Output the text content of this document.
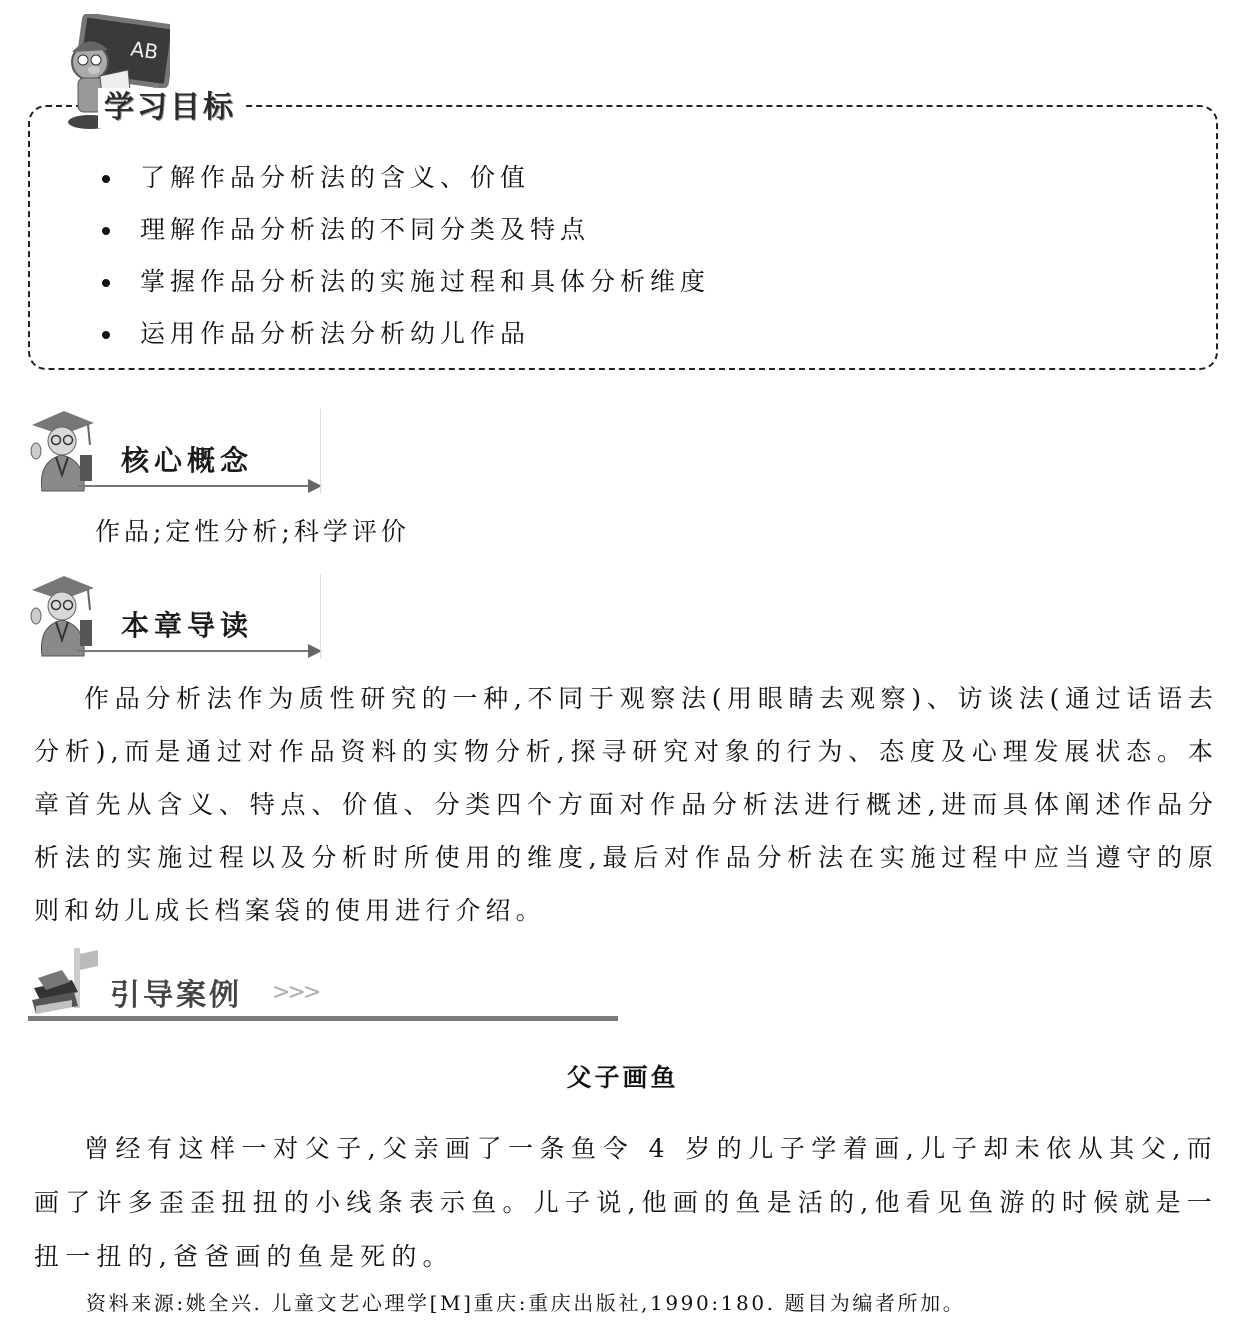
AB
学习目标
了解作品分析法的含义、价值
理解作品分析法的不同分类及特点
掌握作品分析法的实施过程和具体分析维度
运用作品分析法分析幼儿作品
核心概念
作品;定性分析;科学评价
本章导读

作品分析法作为质性研究的一种,不同于观察法(用眼睛去观察)、访谈法(通过话语去分析),而是通过对作品资料的实物分析,探寻研究对象的行为、态度及心理发展状态。本章首先从含义、特点、价值、分类四个方面对作品分析法进行概述,进而具体阐述作品分析法的实施过程以及分析时所使用的维度,最后对作品分析法在实施过程中应当遵守的原则和幼儿成长档案袋的使用进行介绍。

引导案例 >>>
父子画鱼

曾经有这样一对父子,父亲画了一条鱼令 4 岁的儿子学着画,儿子却未依从其父,而画了许多歪歪扭扭的小线条表示鱼。儿子说,他画的鱼是活的,他看见鱼游的时候就是一扭一扭的,爸爸画的鱼是死的。

资料来源:姚全兴. 儿童文艺心理学[M]重庆:重庆出版社,1990:180. 题目为编者所加。
